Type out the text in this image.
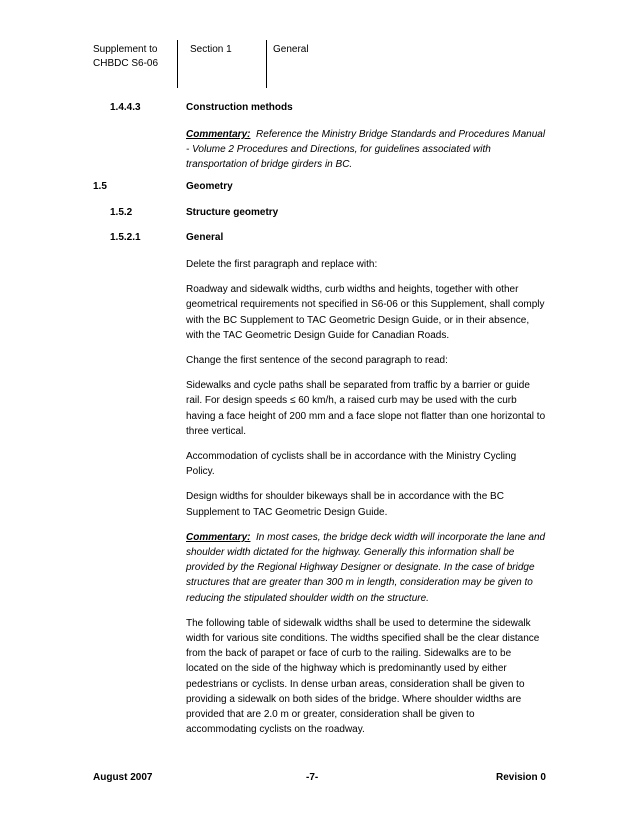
Supplement to
CHBDC S6-06
Section 1	General
1.4.4.3	Construction methods
Commentary: Reference the Ministry Bridge Standards and Procedures Manual - Volume 2 Procedures and Directions, for guidelines associated with transportation of bridge girders in BC.
1.5	Geometry
1.5.2	Structure geometry
1.5.2.1	General
Delete the first paragraph and replace with:
Roadway and sidewalk widths, curb widths and heights, together with other geometrical requirements not specified in S6-06 or this Supplement, shall comply with the BC Supplement to TAC Geometric Design Guide, or in their absence, with the TAC Geometric Design Guide for Canadian Roads.
Change the first sentence of the second paragraph to read:
Sidewalks and cycle paths shall be separated from traffic by a barrier or guide rail. For design speeds ≤ 60 km/h, a raised curb may be used with the curb having a face height of 200 mm and a face slope not flatter than one horizontal to three vertical.
Accommodation of cyclists shall be in accordance with the Ministry Cycling Policy.
Design widths for shoulder bikeways shall be in accordance with the BC Supplement to TAC Geometric Design Guide.
Commentary: In most cases, the bridge deck width will incorporate the lane and shoulder width dictated for the highway. Generally this information shall be provided by the Regional Highway Designer or designate. In the case of bridge structures that are greater than 300 m in length, consideration may be given to reducing the stipulated shoulder width on the structure.
The following table of sidewalk widths shall be used to determine the sidewalk width for various site conditions. The widths specified shall be the clear distance from the back of parapet or face of curb to the railing. Sidewalks are to be located on the side of the highway which is predominantly used by either pedestrians or cyclists. In dense urban areas, consideration shall be given to providing a sidewalk on both sides of the bridge. Where shoulder widths are provided that are 2.0 m or greater, consideration shall be given to accommodating cyclists on the roadway.
August 2007	-7-	Revision 0
